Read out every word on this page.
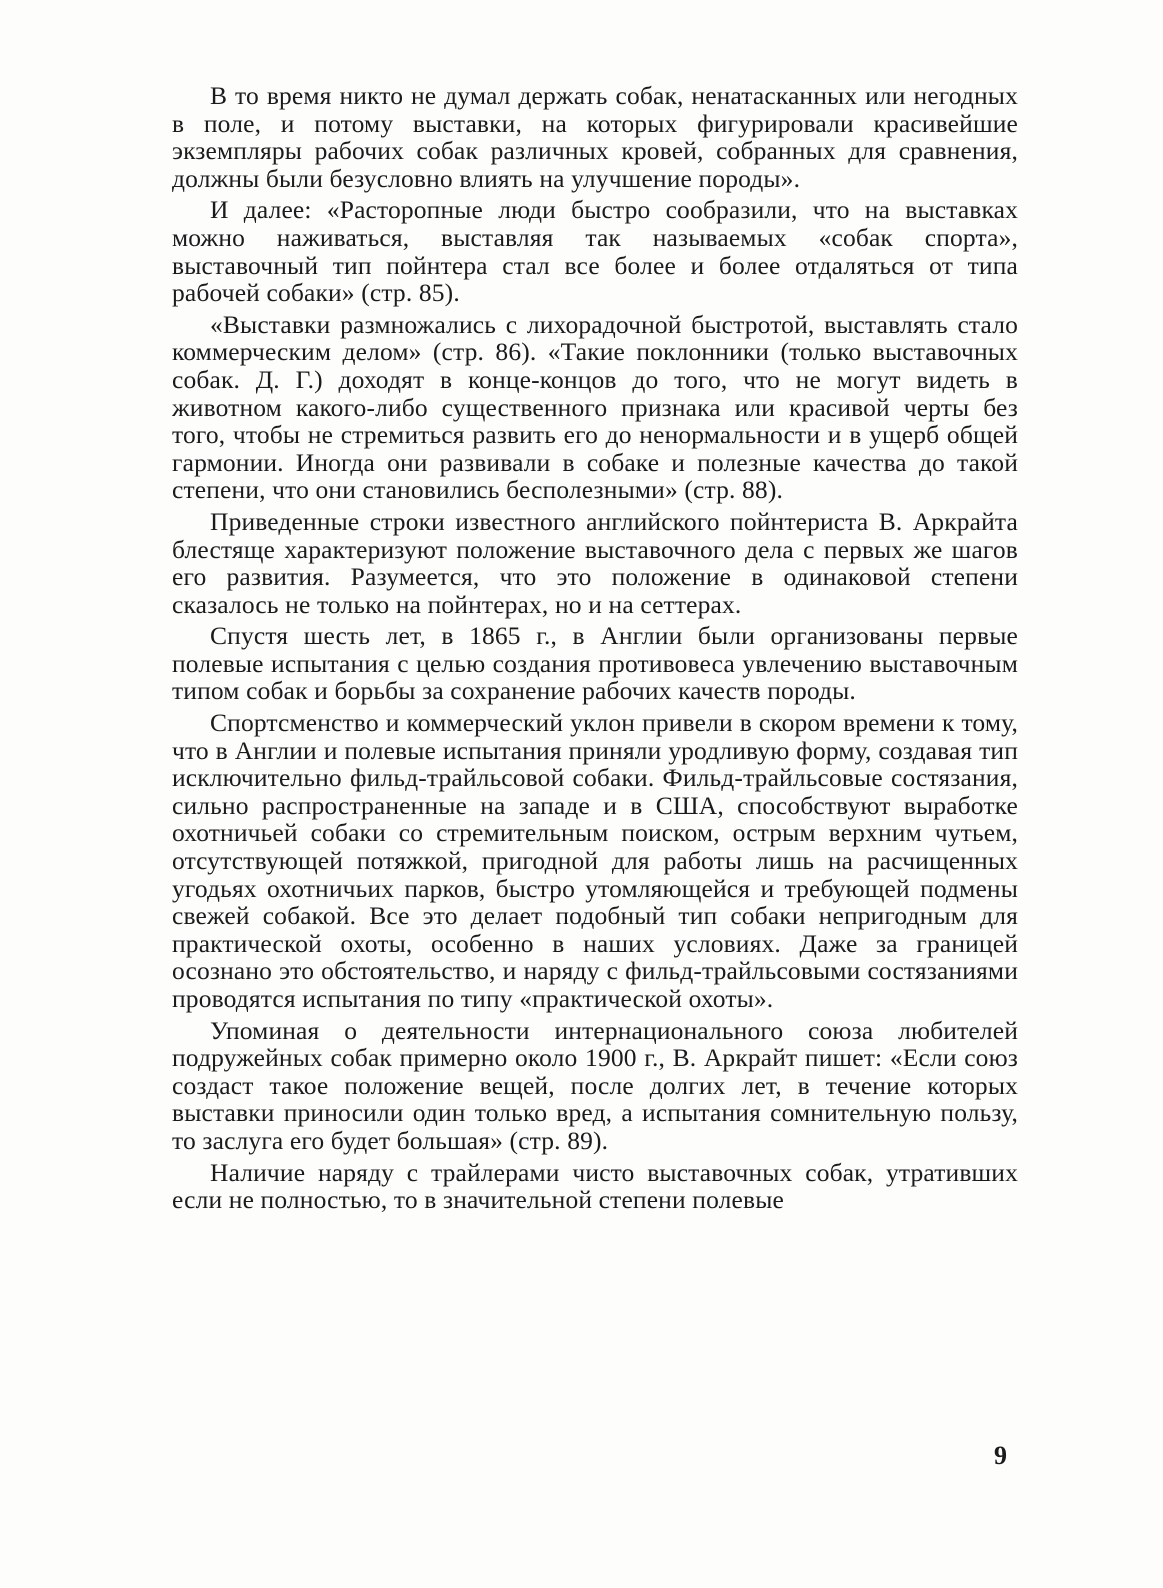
В то время никто не думал держать собак, ненатасканных или негодных в поле, и потому выставки, на которых фигурировали красивейшие экземпляры рабочих собак различных кровей, собранных для сравнения, должны были безусловно влиять на улучшение породы».

И далее: «Расторопные люди быстро сообразили, что на выставках можно наживаться, выставляя так называемых «собак спорта», выставочный тип пойнтера стал все более и более отдаляться от типа рабочей собаки» (стр. 85).

«Выставки размножались с лихорадочной быстротой, выставлять стало коммерческим делом» (стр. 86). «Такие поклонники (только выставочных собак. Д. Г.) доходят в конце-концов до того, что не могут видеть в животном какого-либо существенного признака или красивой черты без того, чтобы не стремиться развить его до ненормальности и в ущерб общей гармонии. Иногда они развивали в собаке и полезные качества до такой степени, что они становились бесполезными» (стр. 88).

Приведенные строки известного английского пойнтериста В. Аркрайта блестяще характеризуют положение выставочного дела с первых же шагов его развития. Разумеется, что это положение в одинаковой степени сказалось не только на пойнтерах, но и на сеттерах.

Спустя шесть лет, в 1865 г., в Англии были организованы первые полевые испытания с целью создания противовеса увлечению выставочным типом собак и борьбы за сохранение рабочих качеств породы.

Спортсменство и коммерческий уклон привели в скором времени к тому, что в Англии и полевые испытания приняли уродливую форму, создавая тип исключительно фильд-трайльсовой собаки. Фильд-трайльсовые состязания, сильно распространенные на западе и в США, способствуют выработке охотничьей собаки со стремительным поиском, острым верхним чутьем, отсутствующей потяжкой, пригодной для работы лишь на расчищенных угодьях охотничьих парков, быстро утомляющейся и требующей подмены свежей собакой. Все это делает подобный тип собаки непригодным для практической охоты, особенно в наших условиях. Даже за границей осознано это обстоятельство, и наряду с фильд-трайльсовыми состязаниями проводятся испытания по типу «практической охоты».

Упоминая о деятельности интернационального союза любителей подружейных собак примерно около 1900 г., В. Аркрайт пишет: «Если союз создаст такое положение вещей, после долгих лет, в течение которых выставки приносили один только вред, а испытания сомнительную пользу, то заслуга его будет большая» (стр. 89).

Наличие наряду с трайлерами чисто выставочных собак, утративших если не полностью, то в значительной степени полевые

9
